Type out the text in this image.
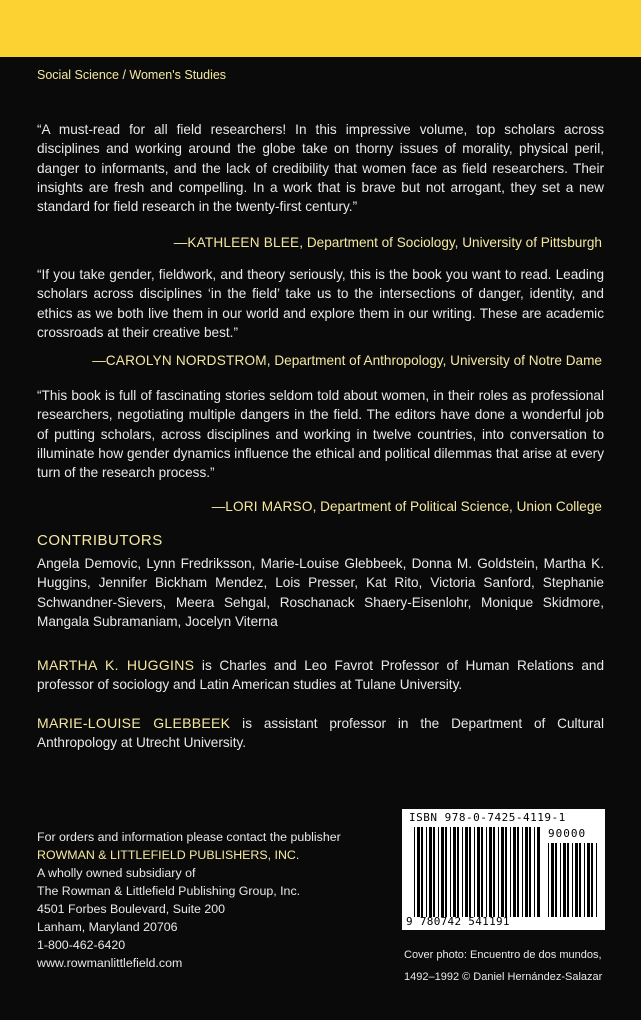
Social Science / Women's Studies

“A must-read for all field researchers! In this impressive volume, top scholars across disciplines and working around the globe take on thorny issues of morality, physical peril, danger to informants, and the lack of credibility that women face as field researchers. Their insights are fresh and compelling. In a work that is brave but not arrogant, they set a new standard for field research in the twenty-first century.”

—KATHLEEN BLEE, Department of Sociology, University of Pittsburgh

“If you take gender, fieldwork, and theory seriously, this is the book you want to read. Leading scholars across disciplines ‘in the field’ take us to the intersections of danger, identity, and ethics as we both live them in our world and explore them in our writing. These are academic crossroads at their creative best.”

—CAROLYN NORDSTROM, Department of Anthropology, University of Notre Dame

“This book is full of fascinating stories seldom told about women, in their roles as professional researchers, negotiating multiple dangers in the field. The editors have done a wonderful job of putting scholars, across disciplines and working in twelve countries, into conversation to illuminate how gender dynamics influence the ethical and political dilemmas that arise at every turn of the research process.”

—LORI MARSO, Department of Political Science, Union College
CONTRIBUTORS

Angela Demovic, Lynn Fredriksson, Marie-Louise Glebbeek, Donna M. Goldstein, Martha K. Huggins, Jennifer Bickham Mendez, Lois Presser, Kat Rito, Victoria Sanford, Stephanie Schwandner-Sievers, Meera Sehgal, Roschanack Shaery-Eisenlohr, Monique Skidmore, Mangala Subramaniam, Jocelyn Viterna

MARTHA K. HUGGINS is Charles and Leo Favrot Professor of Human Relations and professor of sociology and Latin American studies at Tulane University.

MARIE-LOUISE GLEBBEEK is assistant professor in the Department of Cultural Anthropology at Utrecht University.

For orders and information please contact the publisher
ROWMAN & LITTLEFIELD PUBLISHERS, INC.
A wholly owned subsidiary of
The Rowman & Littlefield Publishing Group, Inc.
4501 Forbes Boulevard, Suite 200
Lanham, Maryland 20706
1-800-462-6420
www.rowmanlittlefield.com
ISBN 978-0-7425-4119-1
90000
9 780742 541191
Cover photo: Encuentro de dos mundos,
1492–1992 © Daniel Hernández-Salazar
